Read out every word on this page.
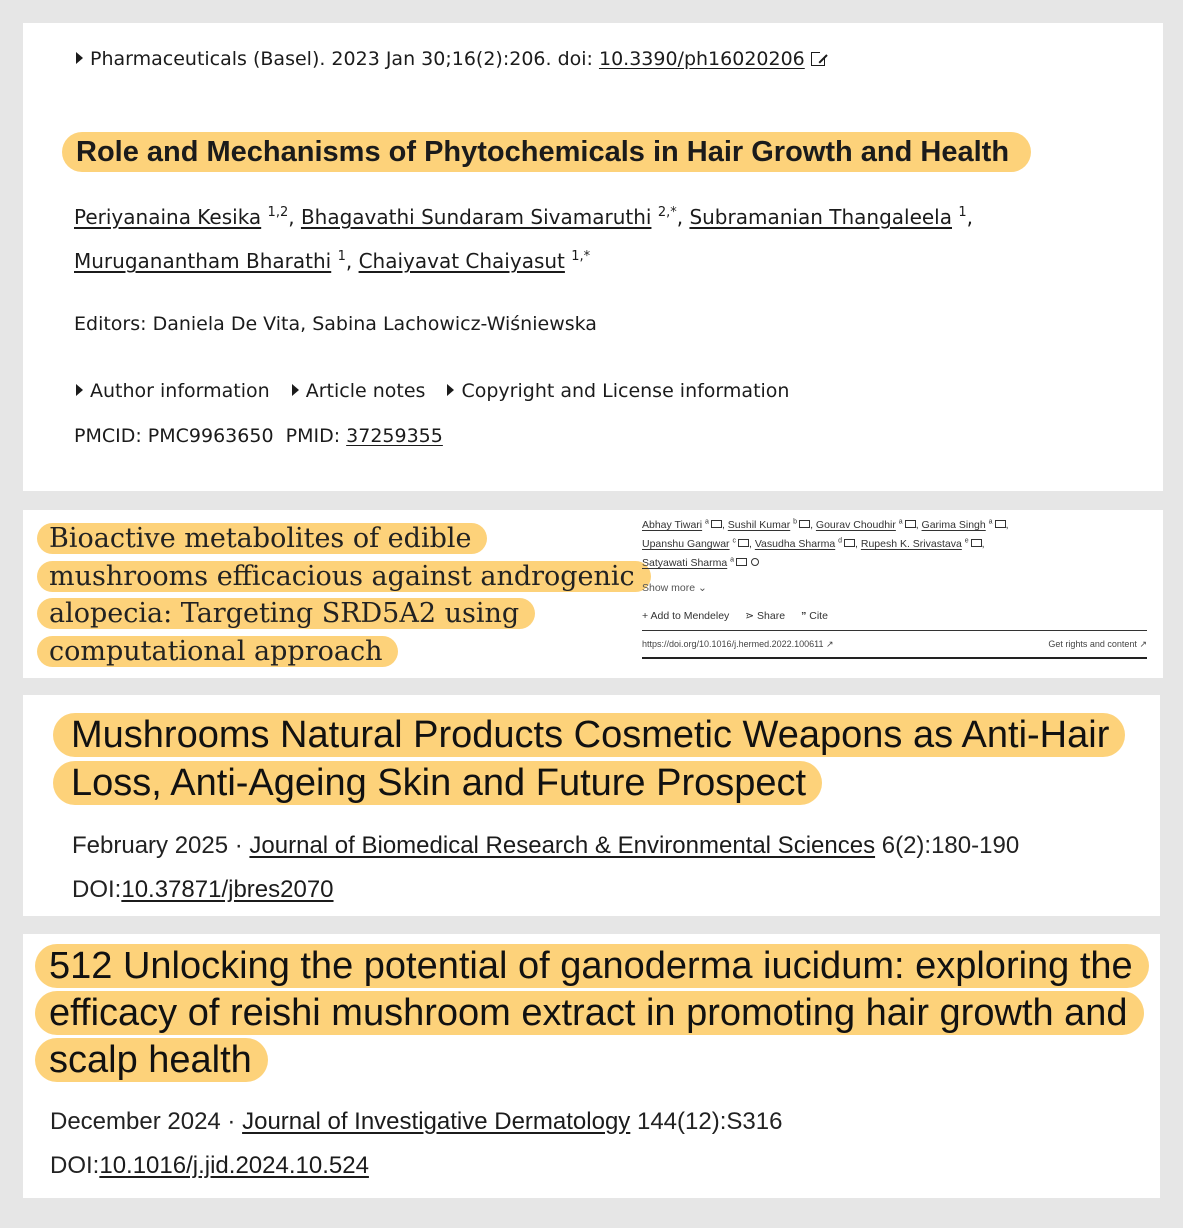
Pharmaceuticals (Basel). 2023 Jan 30;16(2):206. doi: 10.3390/ph16020206
Role and Mechanisms of Phytochemicals in Hair Growth and Health
Periyanaina Kesika $^{1,2}$, Bhagavathi Sundaram Sivamaruthi $^{2,*}$, Subramanian Thangaleela $^1$, Muruganantham Bharathi $^1$, Chaiyavat Chaiyasut $^{1,*}$
Editors: Daniela De Vita, Sabina Lachowicz-Wiśniewska
Author information Article notes Copyright and License information
PMCID: PMC9963650 PMID: 37259355
Bioactive metabolites of edible mushrooms efficacious against androgenic alopecia: Targeting SRD5A2 using computational approach
Abhay Tiwari $^a$ , Sushil Kumar $^b$ , Gourav Choudhir $^a$ , Garima Singh $^a$ ,
Upanshu Gangwar $^c$ , Vasudha Sharma $^d$ , Rupesh K. Srivastava $^e$ ,
Satyawati Sharma $^a$
Show more ⌄
+ Add to Mendeley ⋗ Share ” Cite
https://doi.org/10.1016/j.hermed.2022.100611 ↗	Get rights and content ↗
Mushrooms Natural Products Cosmetic Weapons as Anti-Hair Loss, Anti-Ageing Skin and Future Prospect
February 2025 · Journal of Biomedical Research & Environmental Sciences 6(2):180-190
DOI:10.37871/jbres2070
512 Unlocking the potential of ganoderma iucidum: exploring the efficacy of reishi mushroom extract in promoting hair growth and scalp health
December 2024 · Journal of Investigative Dermatology 144(12):S316
DOI:10.1016/j.jid.2024.10.524
